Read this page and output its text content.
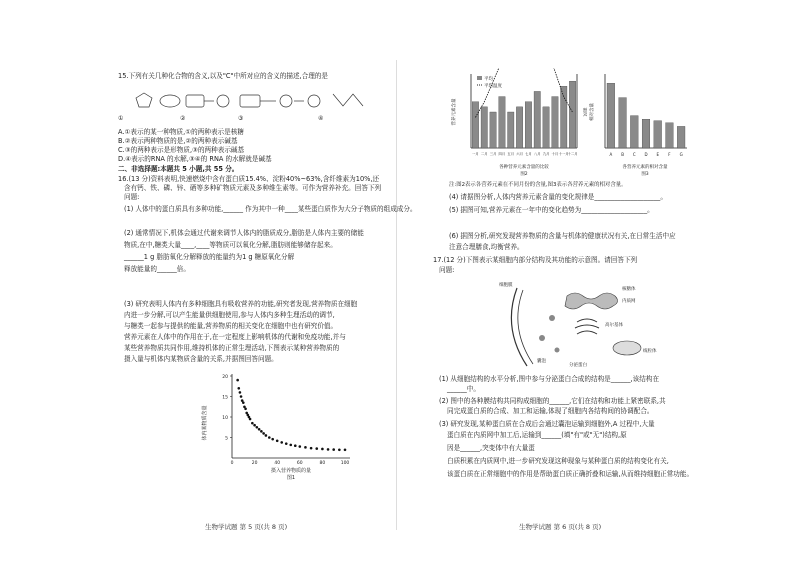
15.下列有关几种化合物的含义,以及"C"中所对应的含义的描述,合理的是
①	②	③	④
A.①表示的某一种物质,①的两种表示是核糖
B.②表示两种物质的是,②的两种表示碱基
C.③的两种表示是形物质,③的两种表示碱基
D.④表示的RNA 的水解,③④的 RNA 的水解就是碱基
二、非选择题:本题共 5 小题,共 55 分。
16.(13 分)资料表明,快速燃烧中含有蛋白质15.4%、淀粉40%~63%,含纤维素为10%,还
含有钙、铁、磷、锌、硒等多种矿物质元素及多种维生素等。可作为营养补充。回答下列
问题:
(1) 人体中的蛋白质具有多种功能,______ 作为其中一种____某些蛋白质作为大分子物质的组成成分。
(2) 通常情况下,机体会通过代谢来调节人体内的脂质成分,脂肪是人体内主要的储能
物质,在中,糖类大量____,____等物质可以氧化分解,脂肪则能够储存起来。
______1 g 脂肪氧化分解释放的能量约为1 g 糖原氧化分解
释放能量的______倍。
(3) 研究表明人体内有多种细胞具有吸收营养的功能,研究者发现,营养物质在细胞
内进一步分解,可以产生能量供细胞使用,参与人体内多种生理活动的调节,
与糖类一起参与提供的能量,营养物质的相关变化在细胞中也有研究价值。
营养元素在人体中的作用在于,在一定程度上影响机体的代谢和免疫功能,并与
某些营养物质共同作用,维持机体的正常生理活动,下图表示某种营养物质的
摄入量与机体内某物质含量的关系,并据图回答问题。
20
15
10
5
0	20	40	60	80	100
体内某物质含量
摄入营养物质的量
图1
生物学试题 第 5 页(共 8 页)
一月 二月 三月 四月 五月 六月 七月 八月 九月 十月 十一月
十二月
平均
平均温度
营养元素含量	温度
各种营养元素含量的比较
图2
A B C D E F G
相对含量
各营养元素的相对含量
图3
注:图2表示各营养元素在不同月份的含量,图3表示各营养元素的相对含量。
(4) 请据图分析,人体内营养元素含量的变化规律是____________________。
(5) 据图可知,营养元素在一年中的变化趋势为____________________。
(6) 据图分析,研究发现营养物质的含量与机体的健康状况有关,在日常生活中应
注意合理膳食,均衡营养。
17.(12 分)下图表示某细胞内部分结构及其功能的示意图。请回答下列
问题:
细胞膜
核糖体
内质网
高尔基体
线粒体
囊泡
分泌蛋白
(1) 从细胞结构的水平分析,图中参与分泌蛋白合成的结构是______,该结构在
______中。
(2) 图中的各种膜结构共同构成细胞的______,它们在结构和功能上紧密联系,共
同完成蛋白质的合成、加工和运输,体现了细胞内各结构间的协调配合。
(3) 研究发现,某种蛋白质在合成后会通过囊泡运输到细胞外,A 过程中,大量
蛋白质在内质网中加工后,运输到______(填"有"或"无")结构,原
因是______,突变体中有大量蛋
白质积累在内质网中,进一步研究发现这种现象与某种蛋白质的结构变化有关,
该蛋白质在正常细胞中的作用是帮助蛋白质正确折叠和运输,从而维持细胞正常功能。
生物学试题 第 6 页(共 8 页)
